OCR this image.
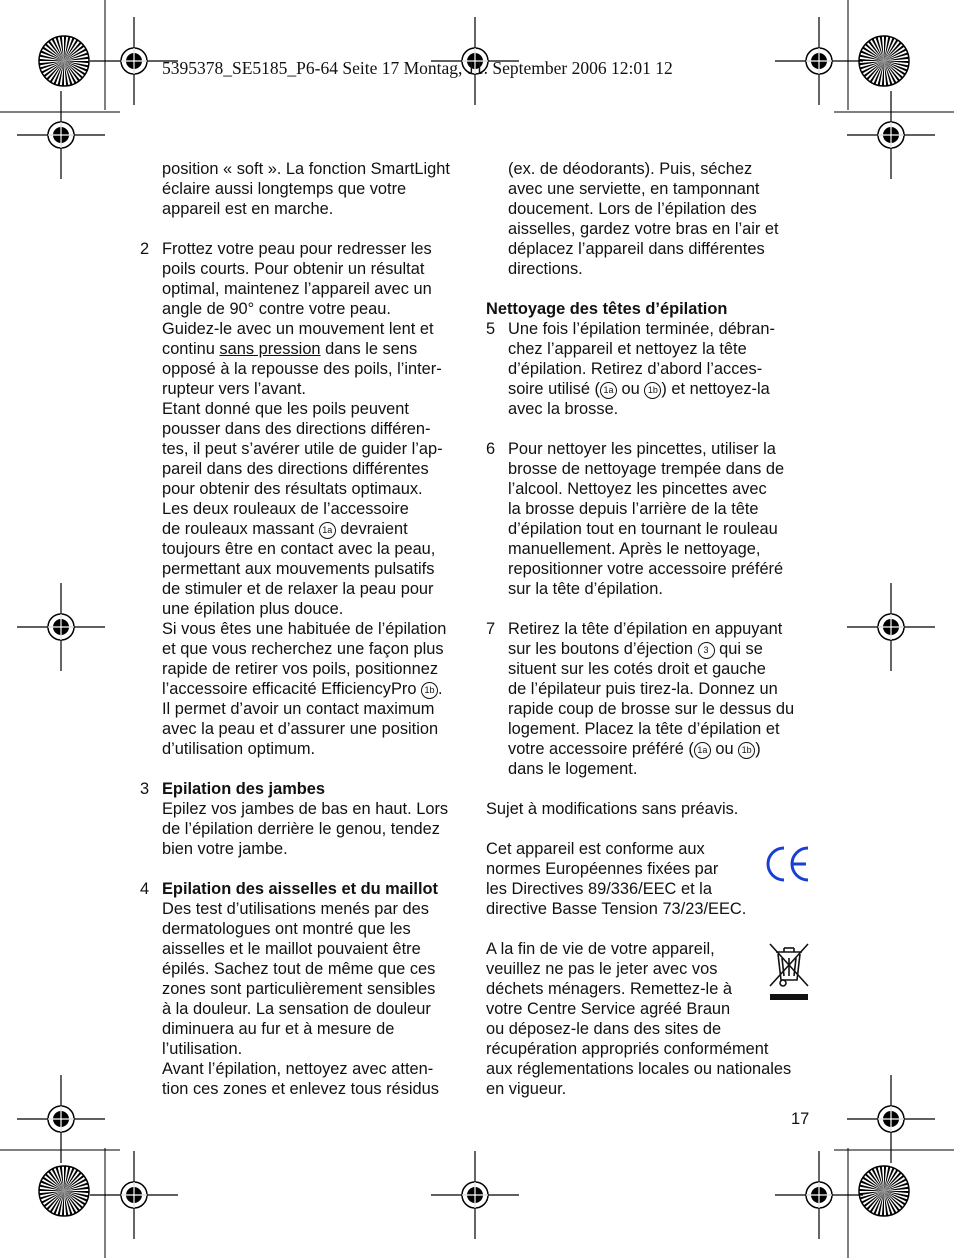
5395378_SE5185_P6-64 Seite 17 Montag, 11. September 2006 12:01 12

position « soft ». La fonction SmartLight

éclaire aussi longtemps que votre

appareil est en marche.

2 Frottez votre peau pour redresser les

poils courts. Pour obtenir un résultat

optimal, maintenez l’appareil avec un

angle de 90° contre votre peau.

Guidez-le avec un mouvement lent et

continu sans pression dans le sens

opposé à la repousse des poils, l’inter-

rupteur vers l’avant.

Etant donné que les poils peuvent

pousser dans des directions différen-

tes, il peut s’avérer utile de guider l’ap-

pareil dans des directions différentes

pour obtenir des résultats optimaux.

Les deux rouleaux de l’accessoire

de rouleaux massant 1a devraient

toujours être en contact avec la peau,

permettant aux mouvements pulsatifs

de stimuler et de relaxer la peau pour

une épilation plus douce.

Si vous êtes une habituée de l’épilation

et que vous recherchez une façon plus

rapide de retirer vos poils, positionnez

l’accessoire efficacité EfficiencyPro 1b .

Il permet d’avoir un contact maximum

avec la peau et d’assurer une position

d’utilisation optimum.

3 Epilation des jambes

Epilez vos jambes de bas en haut. Lors

de l’épilation derrière le genou, tendez

bien votre jambe.

4 Epilation des aisselles et du maillot

Des test d’utilisations menés par des

dermatologues ont montré que les

aisselles et le maillot pouvaient être

épilés. Sachez tout de même que ces

zones sont particulièrement sensibles

à la douleur. La sensation de douleur

diminuera au fur et à mesure de

l’utilisation.

Avant l’épilation, nettoyez avec atten-

tion ces zones et enlevez tous résidus

(ex. de déodorants). Puis, séchez

avec une serviette, en tamponnant

doucement. Lors de l’épilation des

aisselles, gardez votre bras en l’air et

déplacez l’appareil dans différentes

directions.

Nettoyage des têtes d’épilation

5 Une fois l’épilation terminée, débran-

chez l’appareil et nettoyez la tête

d’épilation. Retirez d’abord l’acces-

soire utilisé ( 1a ou 1b ) et nettoyez-la

avec la brosse.

6 Pour nettoyer les pincettes, utiliser la

brosse de nettoyage trempée dans de

l’alcool. Nettoyez les pincettes avec

la brosse depuis l’arrière de la tête

d’épilation tout en tournant le rouleau

manuellement. Après le nettoyage,

repositionner votre accessoire préféré

sur la tête d’épilation.

7 Retirez la tête d’épilation en appuyant

sur les boutons d’éjection 3 qui se

situent sur les cotés droit et gauche

de l’épilateur puis tirez-la. Donnez un

rapide coup de brosse sur le dessus du

logement. Placez la tête d’épilation et

votre accessoire préféré ( 1a ou 1b )

dans le logement.

Sujet à modifications sans préavis.

Cet appareil est conforme aux

normes Européennes fixées par

les Directives 89/336/EEC et la

directive Basse Tension 73/23/EEC.

A la fin de vie de votre appareil,

veuillez ne pas le jeter avec vos

déchets ménagers. Remettez-le à

votre Centre Service agréé Braun

ou déposez-le dans des sites de

récupération appropriés conformément

aux réglementations locales ou nationales

en vigueur.

17
